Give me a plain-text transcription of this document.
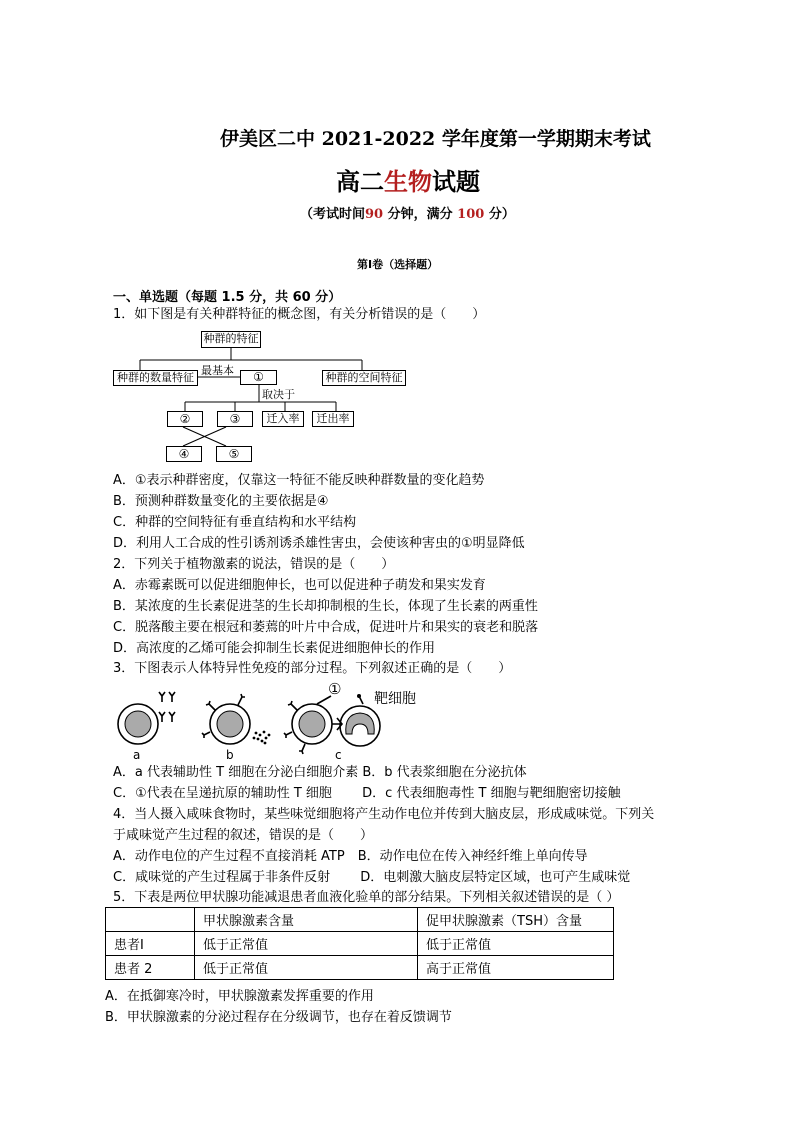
伊美区二中 2021-2022 学年度第一学期期末考试
高二生物试题
（考试时间90 分钟，满分 100 分）
第Ⅰ卷（选择题）
一、单选题（每题 1.5 分，共 60 分）
1．如下图是有关种群特征的概念图，有关分析错误的是（　　）
种群的特征
种群的数量特征
最基本	①
取决于
种群的空间特征
②	③	迁入率	迁出率
④	⑤
A．①表示种群密度，仅靠这一特征不能反映种群数量的变化趋势
B．预测种群数量变化的主要依据是④
C．种群的空间特征有垂直结构和水平结构
D．利用人工合成的性引诱剂诱杀雄性害虫，会使该种害虫的①明显降低
2．下列关于植物激素的说法，错误的是（　　）
A．赤霉素既可以促进细胞伸长，也可以促进种子萌发和果实发育
B．某浓度的生长素促进茎的生长却抑制根的生长，体现了生长素的两重性
C．脱落酸主要在根冠和萎蔫的叶片中合成，促进叶片和果实的衰老和脱落
D．高浓度的乙烯可能会抑制生长素促进细胞伸长的作用
3．下图表示人体特异性免疫的部分过程。下列叙述正确的是（　　）
a	b	c
①
靶细胞
A．a 代表辅助性 T 细胞在分泌白细胞介素 B．b 代表浆细胞在分泌抗体
C．①代表在呈递抗原的辅助性 T 细胞　　 D．c 代表细胞毒性 T 细胞与靶细胞密切接触
4．当人摄入咸味食物时，某些味觉细胞将产生动作电位并传到大脑皮层，形成咸味觉。下列关
于咸味觉产生过程的叙述，错误的是（　　）
A．动作电位的产生过程不直接消耗 ATP　B．动作电位在传入神经纤维上单向传导
C．咸味觉的产生过程属于非条件反射　　 D．电刺激大脑皮层特定区域，也可产生咸味觉
5．下表是两位甲状腺功能减退患者血液化验单的部分结果。下列相关叙述错误的是（ ）
	甲状腺激素含量	促甲状腺激素（TSH）含量
患者Ⅰ	低于正常值	低于正常值
患者 2	低于正常值	高于正常值
A．在抵御寒冷时，甲状腺激素发挥重要的作用
B．甲状腺激素的分泌过程存在分级调节，也存在着反馈调节
